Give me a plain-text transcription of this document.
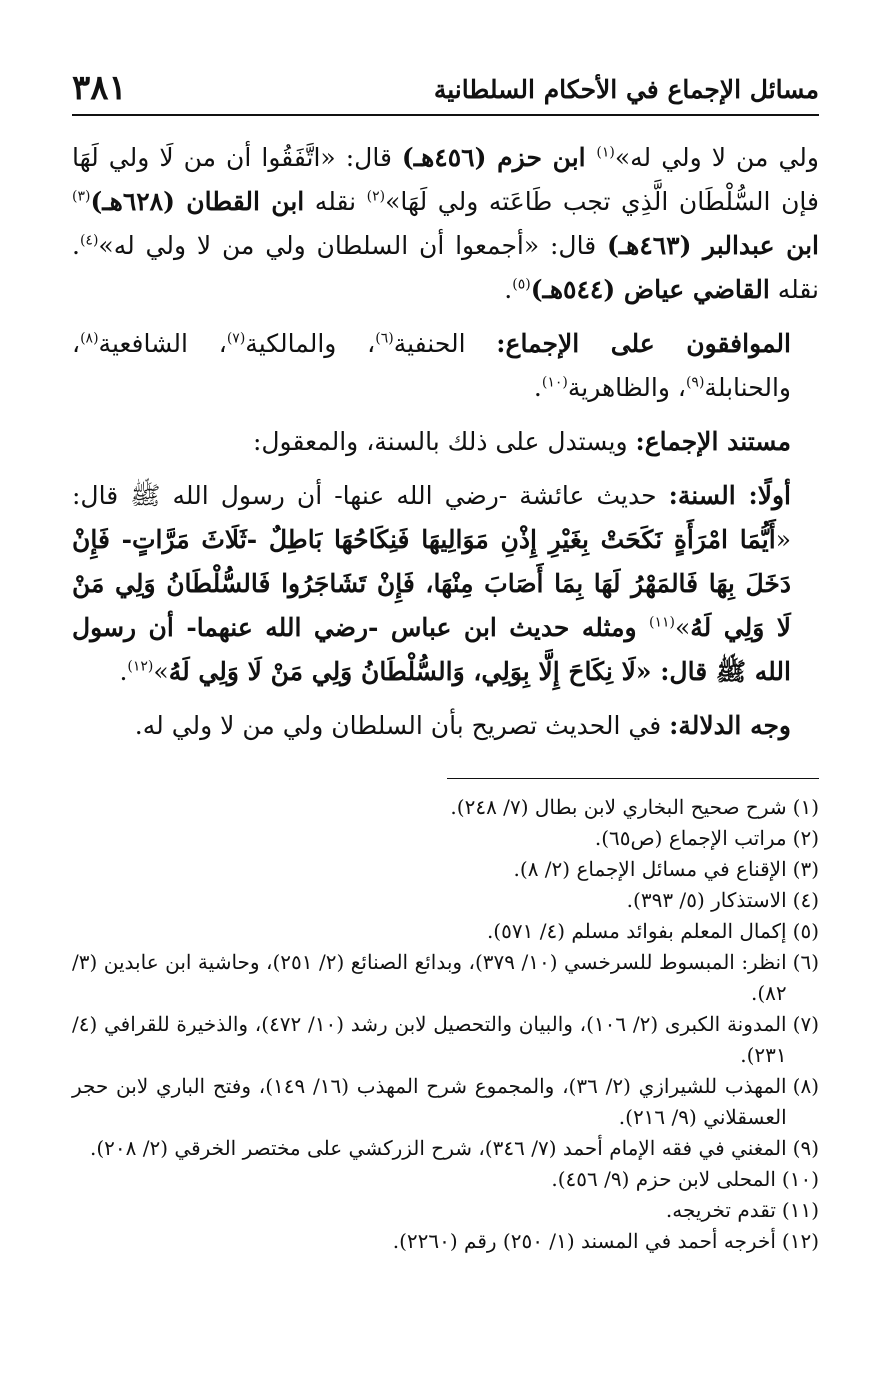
مسائل الإجماع في الأحكام السلطانية
٣٨١

ولي من لا ولي له»$^{(١)}$ ابن حزم (٤٥٦هـ) قال: «اتَّفَقُوا أن من لَا ولي لَهَا فإن السُّلْطَان الَّذِي تجب طَاعَته ولي لَهَا»$^{(٢)}$ نقله ابن القطان (٦٢٨هـ)$^{(٣)}$ ابن عبدالبر (٤٦٣هـ) قال: «أجمعوا أن السلطان ولي من لا ولي له»$^{(٤)}$. نقله القاضي عياض (٥٤٤هـ)$^{(٥)}$.

الموافقون على الإجماع: الحنفية$^{(٦)}$، والمالكية$^{(٧)}$، الشافعية$^{(٨)}$، والحنابلة$^{(٩)}$، والظاهرية$^{(١٠)}$.

مستند الإجماع: ويستدل على ذلك بالسنة، والمعقول:

أولًا: السنة: حديث عائشة -رضي الله عنها- أن رسول الله ﷺ قال: «أَيُّمَا امْرَأَةٍ نَكَحَتْ بِغَيْرِ إِذْنِ مَوَالِيهَا فَنِكَاحُهَا بَاطِلٌ -ثَلَاثَ مَرَّاتٍ- فَإِنْ دَخَلَ بِهَا فَالمَهْرُ لَهَا بِمَا أَصَابَ مِنْهَا، فَإِنْ تَشَاجَرُوا فَالسُّلْطَانُ وَلِي مَنْ لَا وَلِي لَهُ»$^{(١١)}$ ومثله حديث ابن عباس -رضي الله عنهما- أن رسول الله ﷺ قال: «لَا نِكَاحَ إِلَّا بِوَلِي، وَالسُّلْطَانُ وَلِي مَنْ لَا وَلِي لَهُ»$^{(١٢)}$.

وجه الدلالة: في الحديث تصريح بأن السلطان ولي من لا ولي له.

(١)
شرح صحيح البخاري لابن بطال (٧/ ٢٤٨).
(٢)
مراتب الإجماع (ص٦٥).
(٣)
الإقناع في مسائل الإجماع (٢/ ٨).
(٤)
الاستذكار (٥/ ٣٩٣).
(٥)
إكمال المعلم بفوائد مسلم (٤/ ٥٧١).
(٦)
انظر: المبسوط للسرخسي (١٠/ ٣٧٩)، وبدائع الصنائع (٢/ ٢٥١)، وحاشية ابن عابدين (٣/ ٨٢).
(٧)
المدونة الكبرى (٢/ ١٠٦)، والبيان والتحصيل لابن رشد (١٠/ ٤٧٢)، والذخيرة للقرافي (٤/ ٢٣١).
(٨)
المهذب للشيرازي (٢/ ٣٦)، والمجموع شرح المهذب (١٦/ ١٤٩)، وفتح الباري لابن حجر العسقلاني (٩/ ٢١٦).
(٩)
المغني في فقه الإمام أحمد (٧/ ٣٤٦)، شرح الزركشي على مختصر الخرقي (٢/ ٢٠٨).
(١٠)
المحلى لابن حزم (٩/ ٤٥٦).
(١١)
تقدم تخريجه.
(١٢)
أخرجه أحمد في المسند (١/ ٢٥٠) رقم (٢٢٦٠).
